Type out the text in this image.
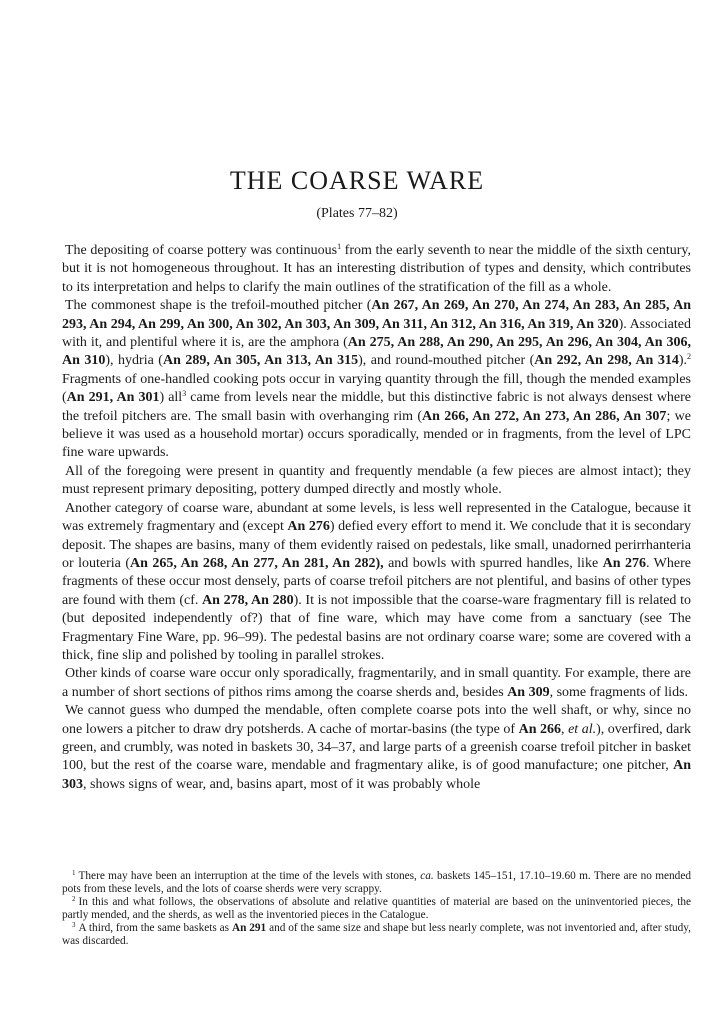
THE COARSE WARE

(Plates 77–82)

The depositing of coarse pottery was continuous$^1$ from the early seventh to near the middle of the sixth century, but it is not homogeneous throughout. It has an interesting distribution of types and density, which contributes to its interpretation and helps to clarify the main outlines of the stratification of the fill as a whole.

The commonest shape is the trefoil-mouthed pitcher (An 267, An 269, An 270, An 274, An 283, An 285, An 293, An 294, An 299, An 300, An 302, An 303, An 309, An 311, An 312, An 316, An 319, An 320). Associated with it, and plentiful where it is, are the amphora (An 275, An 288, An 290, An 295, An 296, An 304, An 306, An 310), hydria (An 289, An 305, An 313, An 315), and round-mouthed pitcher (An 292, An 298, An 314).$^2$ Fragments of one-handled cooking pots occur in varying quantity through the fill, though the mended examples (An 291, An 301) all$^3$ came from levels near the middle, but this distinctive fabric is not always densest where the trefoil pitchers are. The small basin with overhanging rim (An 266, An 272, An 273, An 286, An 307; we believe it was used as a household mortar) occurs sporadically, mended or in fragments, from the level of LPC fine ware upwards.

All of the foregoing were present in quantity and frequently mendable (a few pieces are almost intact); they must represent primary depositing, pottery dumped directly and mostly whole.

Another category of coarse ware, abundant at some levels, is less well represented in the Catalogue, because it was extremely fragmentary and (except An 276) defied every effort to mend it. We conclude that it is secondary deposit. The shapes are basins, many of them evidently raised on pedestals, like small, unadorned perirrhanteria or louteria (An 265, An 268, An 277, An 281, An 282), and bowls with spurred handles, like An 276. Where fragments of these occur most densely, parts of coarse trefoil pitchers are not plentiful, and basins of other types are found with them (cf. An 278, An 280). It is not impossible that the coarse-ware fragmentary fill is related to (but deposited independently of?) that of fine ware, which may have come from a sanctuary (see The Fragmentary Fine Ware, pp. 96–99). The pedestal basins are not ordinary coarse ware; some are covered with a thick, fine slip and polished by tooling in parallel strokes.

Other kinds of coarse ware occur only sporadically, fragmentarily, and in small quantity. For example, there are a number of short sections of pithos rims among the coarse sherds and, besides An 309, some fragments of lids.

We cannot guess who dumped the mendable, often complete coarse pots into the well shaft, or why, since no one lowers a pitcher to draw dry potsherds. A cache of mortar-basins (the type of An 266, et al.), overfired, dark green, and crumbly, was noted in baskets 30, 34–37, and large parts of a greenish coarse trefoil pitcher in basket 100, but the rest of the coarse ware, mendable and fragmentary alike, is of good manufacture; one pitcher, An 303, shows signs of wear, and, basins apart, most of it was probably whole

$^1$ There may have been an interruption at the time of the levels with stones, ca. baskets 145–151, 17.10–19.60 m. There are no mended pots from these levels, and the lots of coarse sherds were very scrappy.

$^2$ In this and what follows, the observations of absolute and relative quantities of material are based on the uninventoried pieces, the partly mended, and the sherds, as well as the inventoried pieces in the Catalogue.

$^3$ A third, from the same baskets as An 291 and of the same size and shape but less nearly complete, was not inventoried and, after study, was discarded.
